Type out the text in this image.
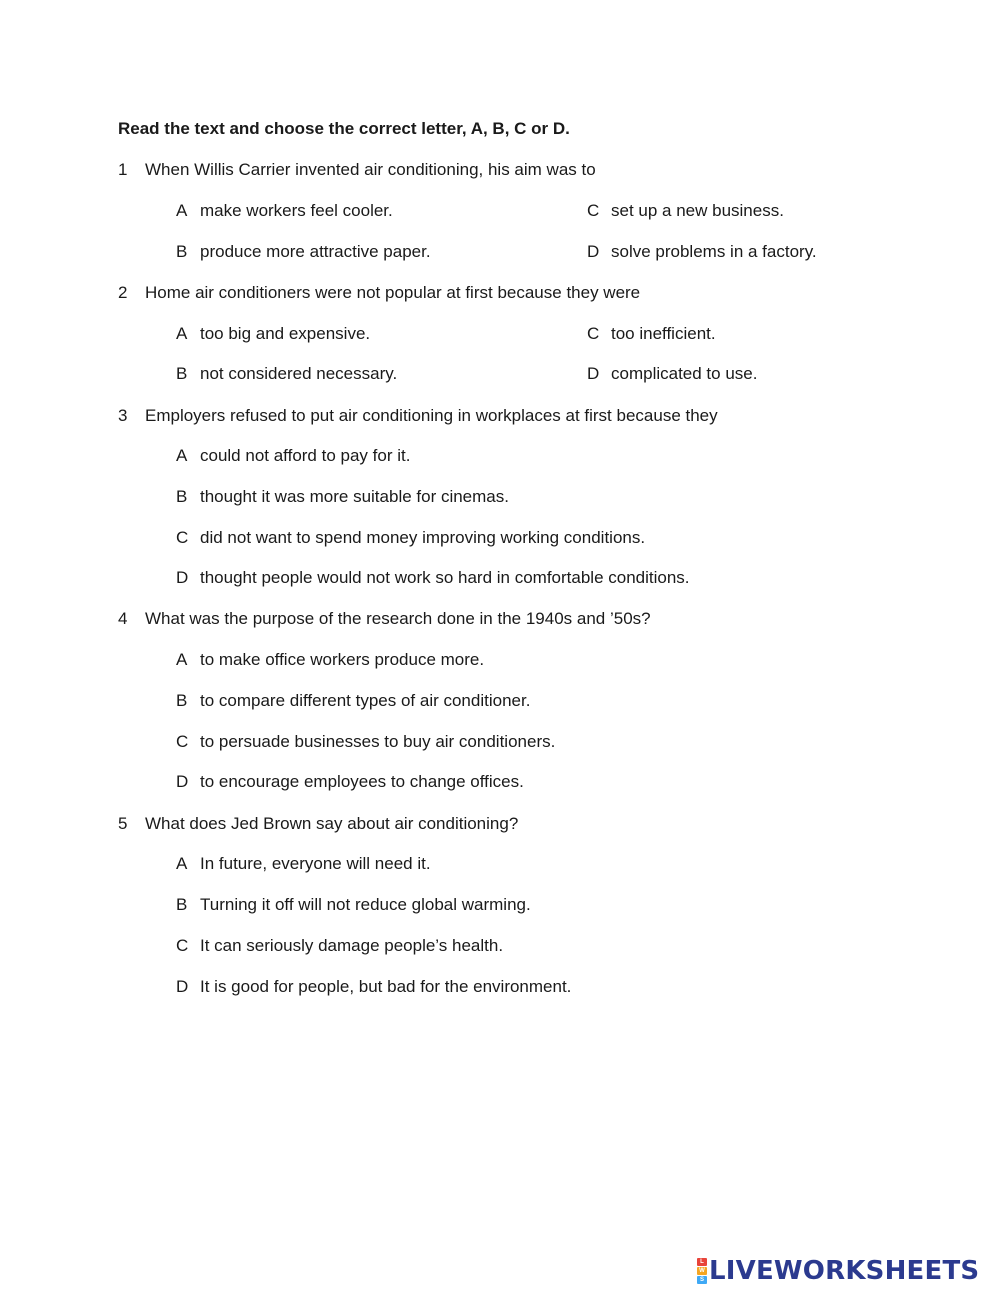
Read the text and choose the correct letter, A, B, C or D.
1 When Willis Carrier invented air conditioning, his aim was to
A make workers feel cooler.
B produce more attractive paper.
C set up a new business.
D solve problems in a factory.
2 Home air conditioners were not popular at first because they were
A too big and expensive.
B not considered necessary.
C too inefficient.
D complicated to use.
3 Employers refused to put air conditioning in workplaces at first because they
A could not afford to pay for it.
B thought it was more suitable for cinemas.
C did not want to spend money improving working conditions.
D thought people would not work so hard in comfortable conditions.
4 What was the purpose of the research done in the 1940s and ’50s?
A to make office workers produce more.
B to compare different types of air conditioner.
C to persuade businesses to buy air conditioners.
D to encourage employees to change offices.
5 What does Jed Brown say about air conditioning?
A In future, everyone will need it.
B Turning it off will not reduce global warming.
C It can seriously damage people’s health.
D It is good for people, but bad for the environment.
L
W
S LIVEWORKSHEETS
